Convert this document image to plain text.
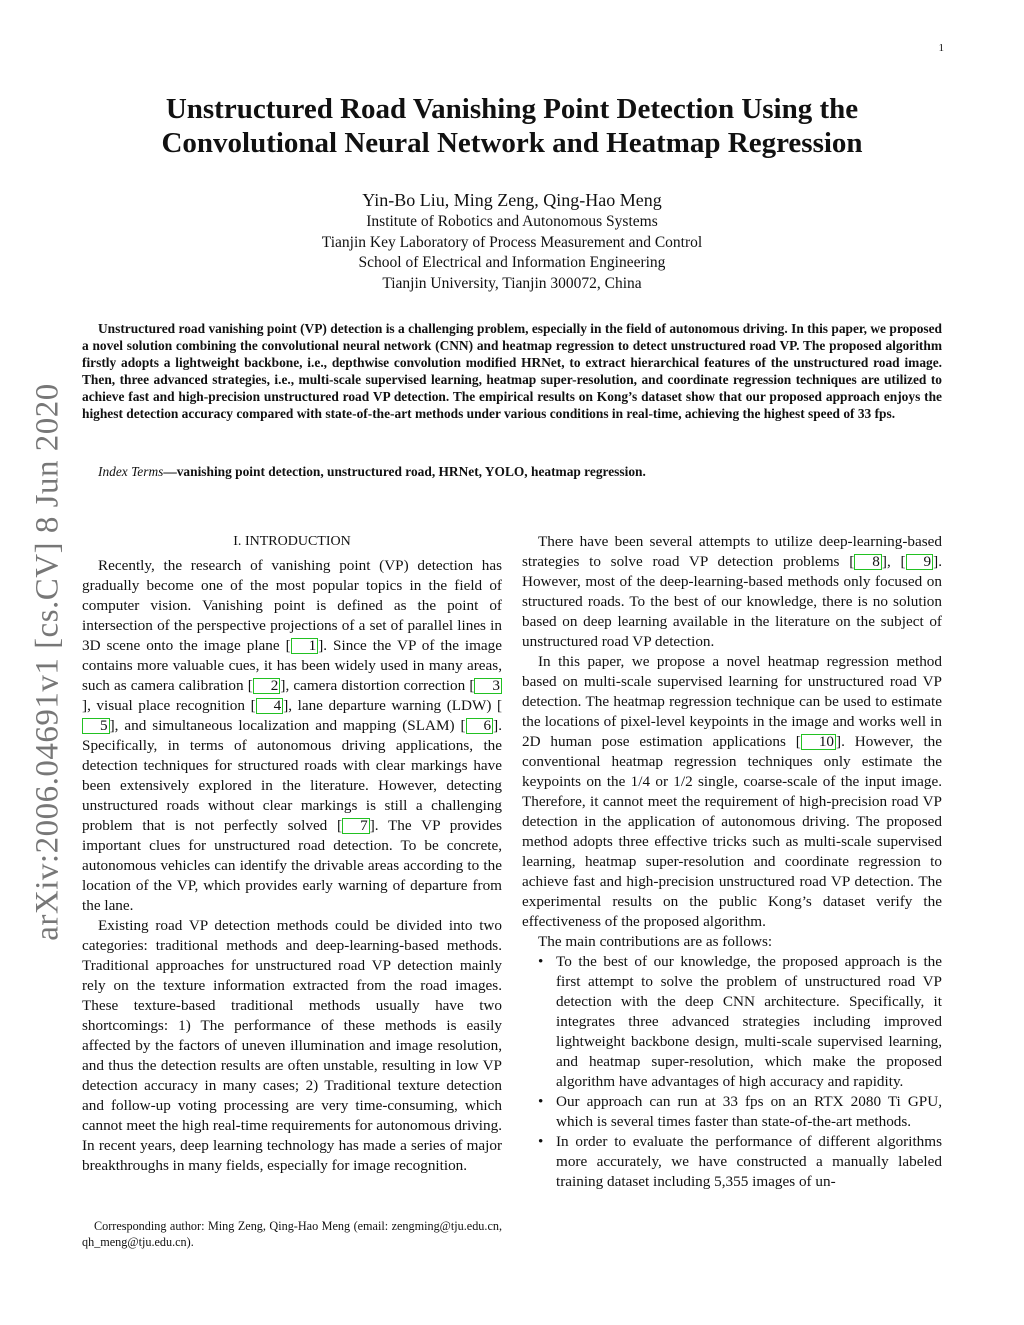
1
arXiv:2006.04691v1 [cs.CV] 8 Jun 2020
Unstructured Road Vanishing Point Detection Using the Convolutional Neural Network and Heatmap Regression
Yin-Bo Liu, Ming Zeng, Qing-Hao Meng
Institute of Robotics and Autonomous Systems
Tianjin Key Laboratory of Process Measurement and Control
School of Electrical and Information Engineering
Tianjin University, Tianjin 300072, China

Unstructured road vanishing point (VP) detection is a challenging problem, especially in the field of autonomous driving. In this paper, we proposed a novel solution combining the convolutional neural network (CNN) and heatmap regression to detect unstructured road VP. The proposed algorithm firstly adopts a lightweight backbone, i.e., depthwise convolution modified HRNet, to extract hierarchical features of the unstructured road image. Then, three advanced strategies, i.e., multi-scale supervised learning, heatmap super-resolution, and coordinate regression techniques are utilized to achieve fast and high-precision unstructured road VP detection. The empirical results on Kong’s dataset show that our proposed approach enjoys the highest detection accuracy compared with state-of-the-art methods under various conditions in real-time, achieving the highest speed of 33 fps.

Index Terms—vanishing point detection, unstructured road, HRNet, YOLO, heatmap regression.

I. INTRODUCTION

Recently, the research of vanishing point (VP) detection has gradually become one of the most popular topics in the field of computer vision. Vanishing point is defined as the point of intersection of the perspective projections of a set of parallel lines in 3D scene onto the image plane [ 1 ]. Since the VP of the image contains more valuable cues, it has been widely used in many areas, such as camera calibration [ 2 ], camera distortion correction [ 3], visual place recognition [ 4 ], lane departure warning (LDW) [5 ], and simultaneous localization and mapping (SLAM) [ 6 ]. Specifically, in terms of autonomous driving applications, the detection techniques for structured roads with clear markings have been extensively explored in the literature. However, detecting unstructured roads without clear markings is still a challenging problem that is not perfectly solved [ 7 ]. The VP provides important clues for unstructured road detection. To be concrete, autonomous vehicles can identify the drivable areas according to the location of the VP, which provides early warning of departure from the lane.

Existing road VP detection methods could be divided into two categories: traditional methods and deep-learning-based methods. Traditional approaches for unstructured road VP detection mainly rely on the texture information extracted from the road images. These texture-based traditional methods usually have two shortcomings: 1) The performance of these methods is easily affected by the factors of uneven illumination and image resolution, and thus the detection results are often unstable, resulting in low VP detection accuracy in many cases; 2) Traditional texture detection and follow-up voting processing are very time-consuming, which cannot meet the high real-time requirements for autonomous driving. In recent years, deep learning technology has made a series of major breakthroughs in many fields, especially for image recognition.

There have been several attempts to utilize deep-learning-based strategies to solve road VP detection problems [ 8 ], [ 9 ]. However, most of the deep-learning-based methods only focused on structured roads. To the best of our knowledge, there is no solution based on deep learning available in the literature on the subject of unstructured road VP detection.

In this paper, we propose a novel heatmap regression method based on multi-scale supervised learning for unstructured road VP detection. The heatmap regression technique can be used to estimate the locations of pixel-level keypoints in the image and works well in 2D human pose estimation applications [ 10 ]. However, the conventional heatmap regression techniques only estimate the keypoints on the 1/4 or 1/2 single, coarse-scale of the input image. Therefore, it cannot meet the requirement of high-precision road VP detection in the application of autonomous driving. The proposed method adopts three effective tricks such as multi-scale supervised learning, heatmap super-resolution and coordinate regression to achieve fast and high-precision unstructured road VP detection. The experimental results on the public Kong’s dataset verify the effectiveness of the proposed algorithm.

The main contributions are as follows:

• To the best of our knowledge, the proposed approach is the first attempt to solve the problem of unstructured road VP detection with the deep CNN architecture. Specifically, it integrates three advanced strategies including improved lightweight backbone design, multi-scale supervised learning, and heatmap super-resolution, which make the proposed algorithm have advantages of high accuracy and rapidity.
• Our approach can run at 33 fps on an RTX 2080 Ti GPU, which is several times faster than state-of-the-art methods.
• In order to evaluate the performance of different algorithms more accurately, we have constructed a manually labeled training dataset including 5,355 images of un-

Corresponding author: Ming Zeng, Qing-Hao Meng (email: zengming@tju.edu.cn, qh_meng@tju.edu.cn).
